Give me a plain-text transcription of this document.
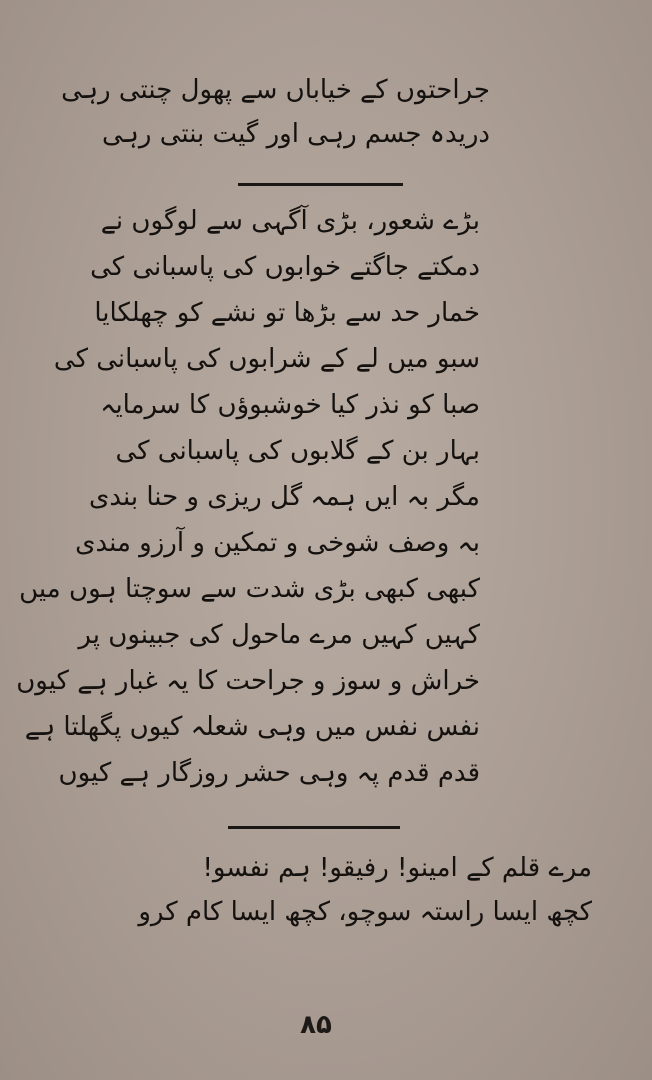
جراحتوں کے خیاباں سے پھول چنتی رہی
دریدہ جسم رہی اور گیت بنتی رہی
بڑے شعور، بڑی آگہی سے لوگوں نے
دمکتے جاگتے خوابوں کی پاسبانی کی
خمار حد سے بڑھا تو نشے کو چھلکایا
سبو میں لے کے شرابوں کی پاسبانی کی
صبا کو نذر کیا خوشبوؤں کا سرمایہ
بہار بن کے گلابوں کی پاسبانی کی
مگر بہ ایں ہمہ گل ریزی و حنا بندی
بہ وصف شوخی و تمکین و آرزو مندی
کبھی کبھی بڑی شدت سے سوچتا ہوں میں
کہیں کہیں مرے ماحول کی جبینوں پر
خراش و سوز و جراحت کا یہ غبار ہے کیوں
نفس نفس میں وہی شعلہ کیوں پگھلتا ہے
قدم قدم پہ وہی حشر روزگار ہے کیوں
مرے قلم کے امینو! رفیقو! ہم نفسو!
کچھ ایسا راستہ سوچو، کچھ ایسا کام کرو
۸۵
